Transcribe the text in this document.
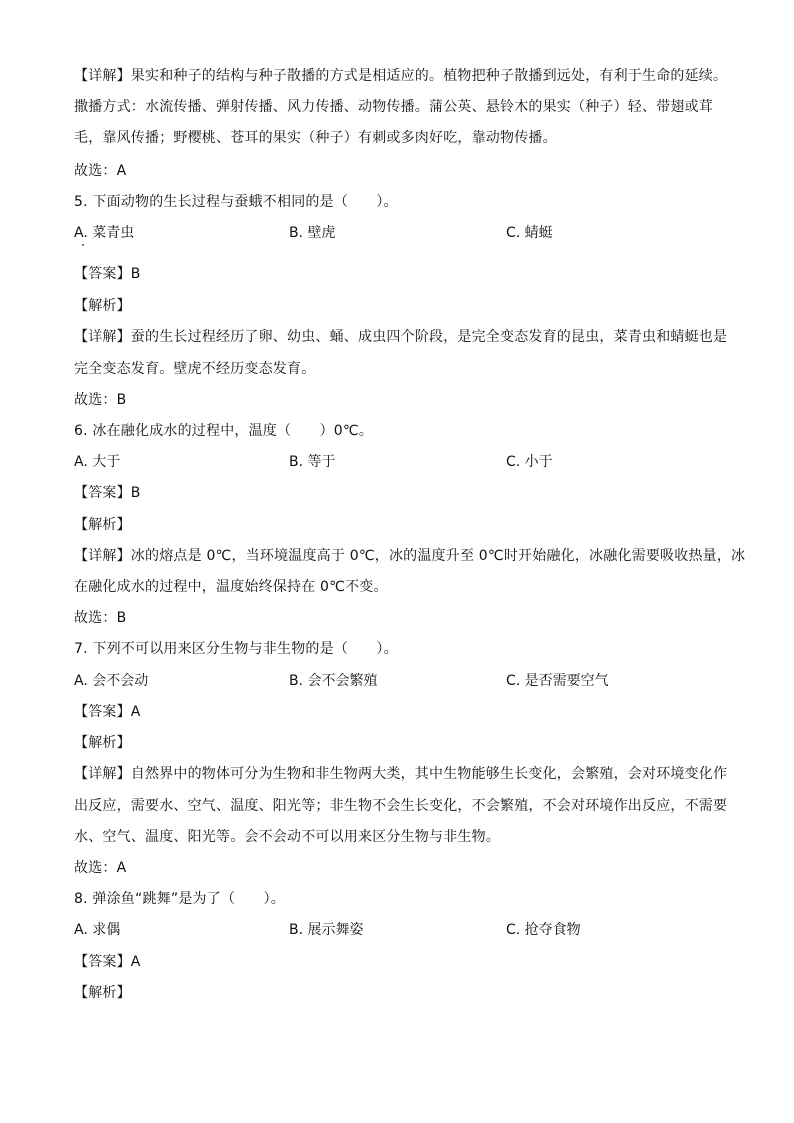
【详解】果实和种子的结构与种子散播的方式是相适应的。植物把种子散播到远处，有利于生命的延续。
撒播方式：水流传播、弹射传播、风力传播、动物传播。蒲公英、悬铃木的果实（种子）轻、带翅或茸
毛，靠风传播；野樱桃、苍耳的果实（种子）有刺或多肉好吃，靠动物传播。
故选：A
5. 下面动物的生长过程与蚕蛾不相同的是（　　）。
A. 菜青虫	B. 壁虎	C. 蜻蜓
【答案】B
【解析】
【详解】蚕的生长过程经历了卵、幼虫、蛹、成虫四个阶段，是完全变态发育的昆虫，菜青虫和蜻蜓也是
完全变态发育。壁虎不经历变态发育。
故选：B
6. 冰在融化成水的过程中，温度（　　）0℃。
A. 大于	B. 等于	C. 小于
【答案】B
【解析】
【详解】冰的熔点是 0℃，当环境温度高于 0℃，冰的温度升至 0℃时开始融化，冰融化需要吸收热量，冰
在融化成水的过程中，温度始终保持在 0℃不变。
故选：B
7. 下列不可以用来区分生物与非生物的是（　　）。
A. 会不会动	B. 会不会繁殖	C. 是否需要空气
【答案】A
【解析】
【详解】自然界中的物体可分为生物和非生物两大类，其中生物能够生长变化，会繁殖，会对环境变化作
出反应，需要水、空气、温度、阳光等；非生物不会生长变化，不会繁殖，不会对环境作出反应，不需要
水、空气、温度、阳光等。会不会动不可以用来区分生物与非生物。
故选：A
8. 弹涂鱼“跳舞”是为了（　　）。
A. 求偶	B. 展示舞姿	C. 抢夺食物
【答案】A
【解析】
